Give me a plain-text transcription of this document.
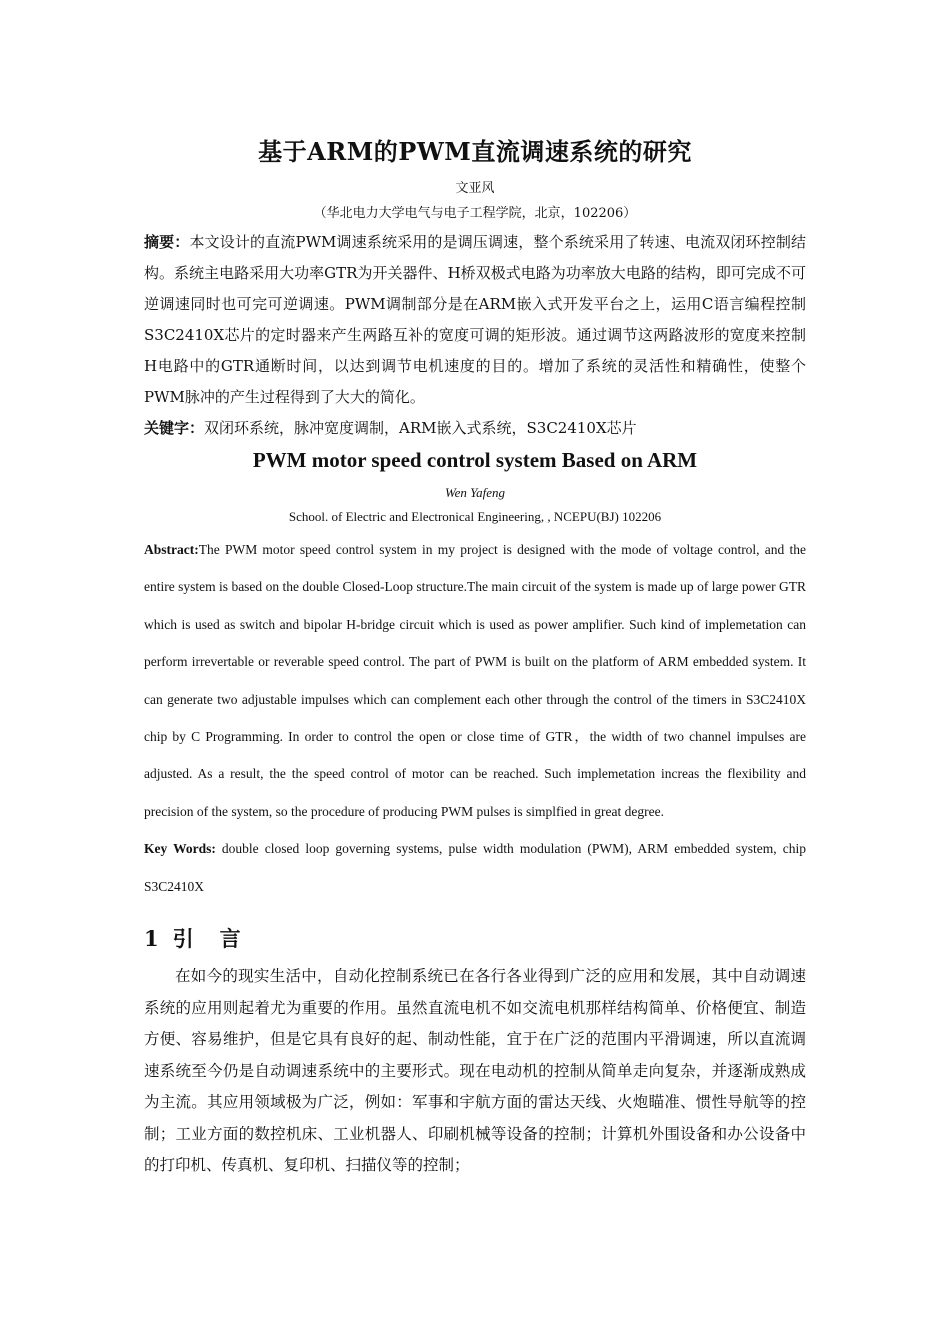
基于ARM的PWM直流调速系统的研究
文亚风
（华北电力大学电气与电子工程学院，北京，102206）

摘要：本文设计的直流PWM调速系统采用的是调压调速，整个系统采用了转速、电流双闭环控制结构。系统主电路采用大功率GTR为开关器件、H桥双极式电路为功率放大电路的结构，即可完成不可逆调速同时也可完可逆调速。PWM调制部分是在ARM嵌入式开发平台之上，运用C语言编程控制S3C2410X芯片的定时器来产生两路互补的宽度可调的矩形波。通过调节这两路波形的宽度来控制H电路中的GTR通断时间，以达到调节电机速度的目的。增加了系统的灵活性和精确性，使整个PWM脉冲的产生过程得到了大大的简化。

关键字：双闭环系统，脉冲宽度调制，ARM嵌入式系统，S3C2410X芯片

PWM motor speed control system Based on ARM
Wen Yafeng
School. of Electric and Electronical Engineering, , NCEPU(BJ) 102206

Abstract:The PWM motor speed control system in my project is designed with the mode of voltage control, and the entire system is based on the double Closed-Loop structure.The main circuit of the system is made up of large power GTR which is used as switch and bipolar H-bridge circuit which is used as power amplifier. Such kind of implemetation can perform irrevertable or reverable speed control. The part of PWM is built on the platform of ARM embedded system. It can generate two adjustable impulses which can complement each other through the control of the timers in S3C2410X chip by C Programming. In order to control the open or close time of GTR，the width of two channel impulses are adjusted. As a result, the the speed control of motor can be reached. Such implemetation increas the flexibility and precision of the system, so the procedure of producing PWM pulses is simplfied in great degree.

Key Words: double closed loop governing systems, pulse width modulation (PWM), ARM embedded system, chip S3C2410X

1 引 言

在如今的现实生活中，自动化控制系统已在各行各业得到广泛的应用和发展，其中自动调速系统的应用则起着尤为重要的作用。虽然直流电机不如交流电机那样结构简单、价格便宜、制造方便、容易维护，但是它具有良好的起、制动性能，宜于在广泛的范围内平滑调速，所以直流调速系统至今仍是自动调速系统中的主要形式。现在电动机的控制从简单走向复杂，并逐渐成熟成为主流。其应用领域极为广泛，例如：军事和宇航方面的雷达天线、火炮瞄准、惯性导航等的控制；工业方面的数控机床、工业机器人、印刷机械等设备的控制；计算机外围设备和办公设备中的打印机、传真机、复印机、扫描仪等的控制；
